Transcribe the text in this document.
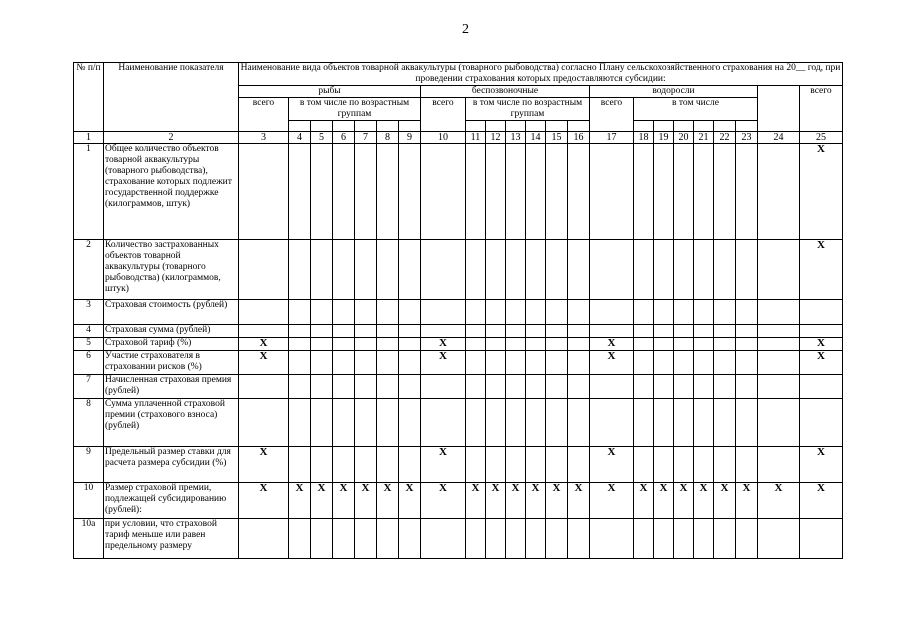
2
№ п/п	Наименование показателя	Наименование вида объектов товарной аквакультуры (товарного рыбоводства) согласно Плану сельскохозяйственного страхования на 20__ год, при проведении страхования которых предоставляются субсидии:																						
		рыбы							беспозвоночные							водоросли								всего
		всего	в том числе по возрастным группам						всего	в том числе по возрастным группам						всего	в том числе							

1	2	3	4	5	6	7	8	9	10	11	12	13	14	15	16	17	18	19	20	21	22	23	24	25
1	Общее количество объектов товарной аквакультуры (товарного рыбоводства), страхование которых подлежит государственной поддержке (килограммов, штук)																							X
2	Количество застрахованных объектов товарной аквакультуры (товарного рыбоводства) (килограммов, штук)																							X
3	Страховая стоимость (рублей)																							
4	Страховая сумма (рублей)																							
5	Страховой тариф (%)	X							X							X								X
6	Участие страхователя в страховании рисков (%)	X							X							X								X
7	Начисленная страховая премия (рублей)																							
8	Сумма уплаченной страховой премии (страхового взноса) (рублей)																							
9	Предельный размер ставки для расчета размера субсидии (%)	X							X							X								X
10	Размер страховой премии, подлежащей субсидированию (рублей):	X	X	X	X	X	X	X	X	X	X	X	X	X	X	X	X	X	X	X	X	X	X	X
10а	при условии, что страховой тариф меньше или равен предельному размеру																							
